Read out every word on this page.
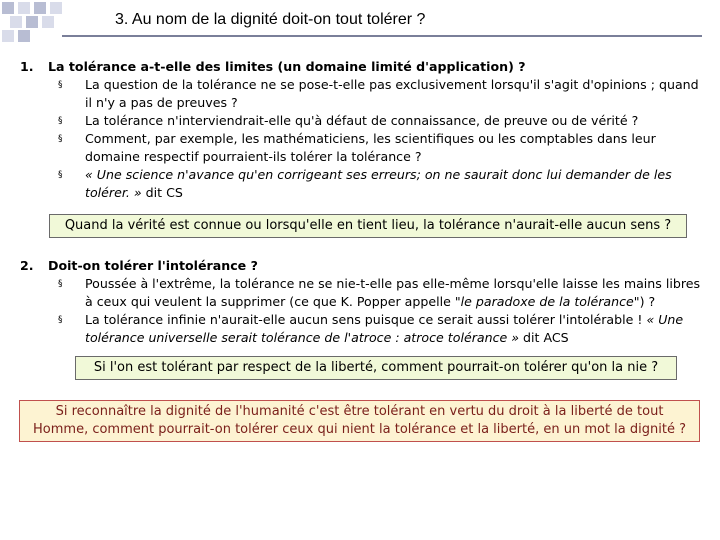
3. Au nom de la dignité doit-on tout tolérer ?
1. La tolérance a-t-elle des limites (un domaine limité d'application) ?
§ La question de la tolérance ne se pose-t-elle pas exclusivement lorsqu'il s'agit d'opinions ; quand il n'y a pas de preuves ?
§ La tolérance n'interviendrait-elle qu'à défaut de connaissance, de preuve ou de vérité ?
§ Comment, par exemple, les mathématiciens, les scientifiques ou les comptables dans leur domaine respectif pourraient-ils tolérer la tolérance ?
§ « Une science n'avance qu'en corrigeant ses erreurs; on ne saurait donc lui demander de les tolérer. » dit CS
Quand la vérité est connue ou lorsqu'elle en tient lieu, la tolérance n'aurait-elle aucun sens ?
2. Doit-on tolérer l'intolérance ?
§ Poussée à l'extrême, la tolérance ne se nie-t-elle pas elle-même lorsqu'elle laisse les mains libres à ceux qui veulent la supprimer (ce que K. Popper appelle "le paradoxe de la tolérance") ?
§ La tolérance infinie n'aurait-elle aucun sens puisque ce serait aussi tolérer l'intolérable ! « Une tolérance universelle serait tolérance de l'atroce : atroce tolérance » dit ACS
Si l'on est tolérant par respect de la liberté, comment pourrait-on tolérer qu'on la nie ?
Si reconnaître la dignité de l'humanité c'est être tolérant en vertu du droit à la liberté de tout Homme, comment pourrait-on tolérer ceux qui nient la tolérance et la liberté, en un mot la dignité ?
